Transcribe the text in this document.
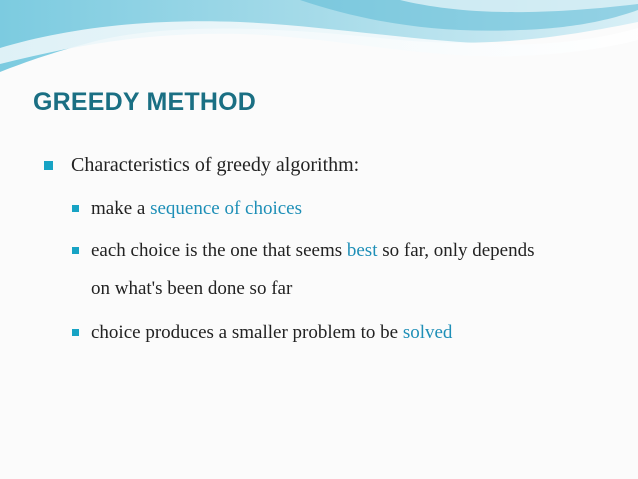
GREEDY METHOD
Characteristics of greedy algorithm:
make a sequence of choices
each choice is the one that seems best so far, only depends on what's been done so far
choice produces a smaller problem to be solved
